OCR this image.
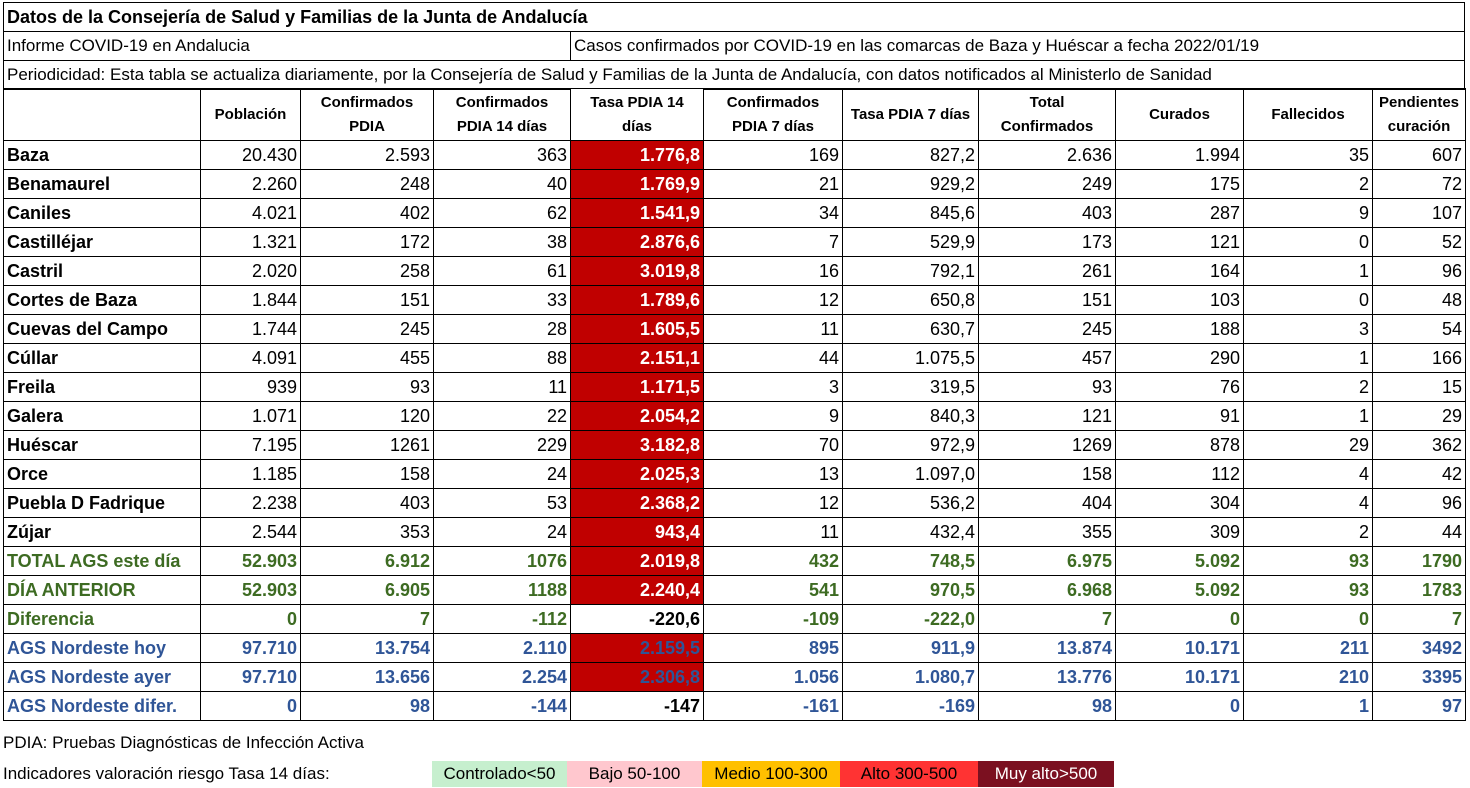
Datos de la Consejería de Salud y Familias de la Junta de Andalucía
Informe COVID-19 en Andalucia	Casos confirmados por COVID-19 en las comarcas de Baza y Huéscar a fecha 2022/01/19
Periodicidad: Esta tabla se actualiza diariamente, por la Consejería de Salud y Familias de la Junta de Andalucía, con datos notificados al Ministerlo de Sanidad
	Población	Confirmados PDIA	Confirmados PDIA 14 días	Tasa PDIA 14 días	Confirmados PDIA 7 días	Tasa PDIA 7 días	Total Confirmados	Curados	Fallecidos	Pendientes curación
Baza	20.430	2.593	363	1.776,8	169	827,2	2.636	1.994	35	607
Benamaurel	2.260	248	40	1.769,9	21	929,2	249	175	2	72
Caniles	4.021	402	62	1.541,9	34	845,6	403	287	9	107
Castilléjar	1.321	172	38	2.876,6	7	529,9	173	121	0	52
Castril	2.020	258	61	3.019,8	16	792,1	261	164	1	96
Cortes de Baza	1.844	151	33	1.789,6	12	650,8	151	103	0	48
Cuevas del Campo	1.744	245	28	1.605,5	11	630,7	245	188	3	54
Cúllar	4.091	455	88	2.151,1	44	1.075,5	457	290	1	166
Freila	939	93	11	1.171,5	3	319,5	93	76	2	15
Galera	1.071	120	22	2.054,2	9	840,3	121	91	1	29
Huéscar	7.195	1261	229	3.182,8	70	972,9	1269	878	29	362
Orce	1.185	158	24	2.025,3	13	1.097,0	158	112	4	42
Puebla D Fadrique	2.238	403	53	2.368,2	12	536,2	404	304	4	96
Zújar	2.544	353	24	943,4	11	432,4	355	309	2	44
TOTAL AGS este día	52.903	6.912	1076	2.019,8	432	748,5	6.975	5.092	93	1790
DÍA ANTERIOR	52.903	6.905	1188	2.240,4	541	970,5	6.968	5.092	93	1783
Diferencia	0	7	-112	-220,6	-109	-222,0	7	0	0	7
AGS Nordeste hoy	97.710	13.754	2.110	2.159,5	895	911,9	13.874	10.171	211	3492
AGS Nordeste ayer	97.710	13.656	2.254	2.306,8	1.056	1.080,7	13.776	10.171	210	3395
AGS Nordeste difer.	0	98	-144	-147	-161	-169	98	0	1	97
PDIA: Pruebas Diagnósticas de Infección Activa
Indicadores valoración riesgo Tasa 14 días:	Controlado<50	Bajo 50-100	Medio 100-300	Alto 300-500	Muy alto>500
